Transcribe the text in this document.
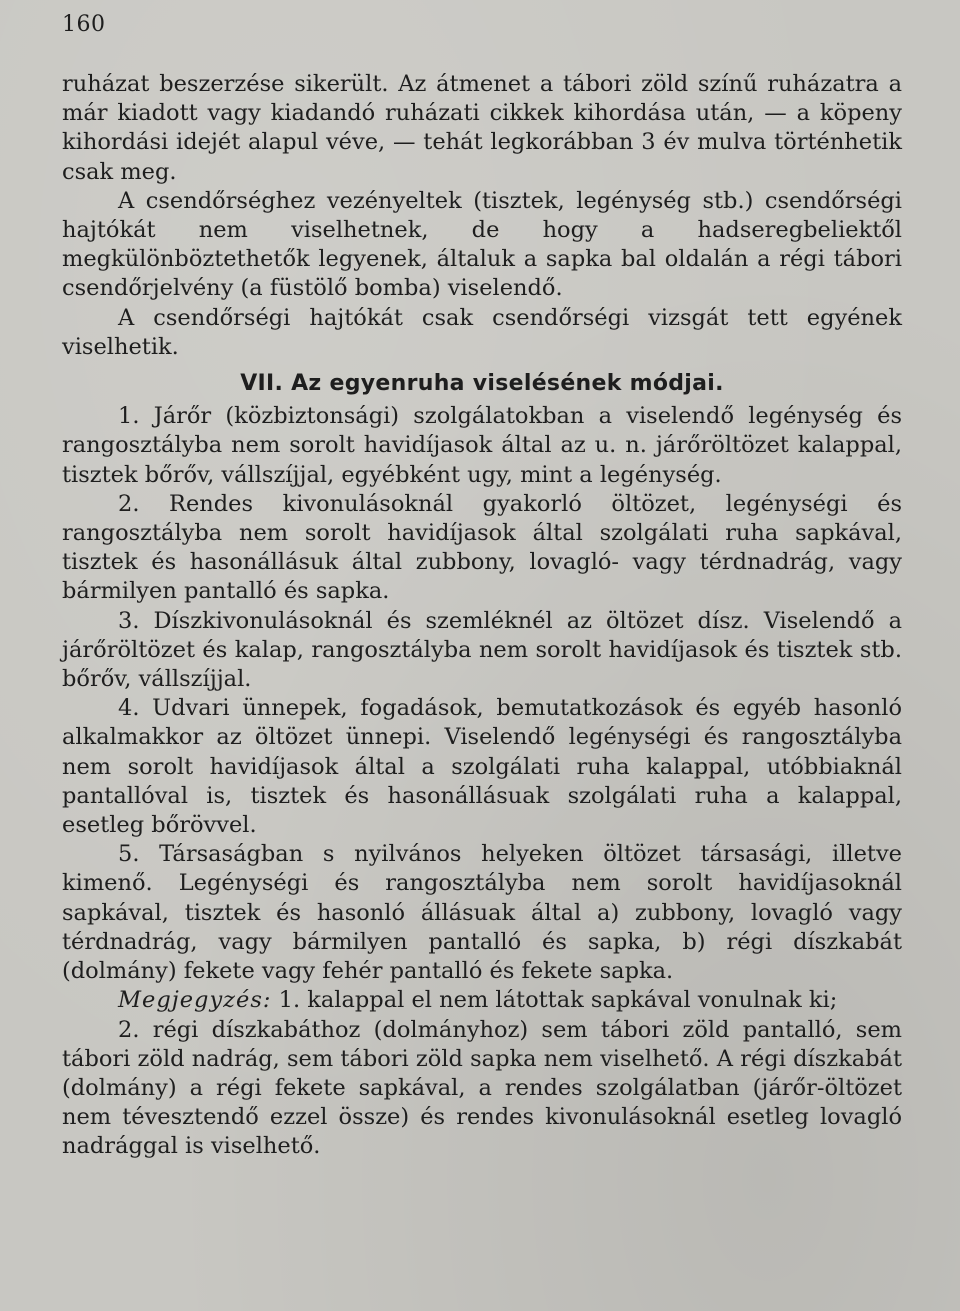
160

ruházat beszerzése sikerült. Az átmenet a tábori zöld színű ruházatra a már kiadott vagy kiadandó ruházati cikkek kihordása után, — a köpeny kihordási idejét alapul véve, — tehát legkorábban 3 év mulva történhetik csak meg.

A csendőrséghez vezényeltek (tisztek, legénység stb.) csendőrségi hajtókát nem viselhetnek, de hogy a hadseregbeliektől megkülönböztethetők legyenek, általuk a sapka bal oldalán a régi tábori csendőrjelvény (a füstölő bomba) viselendő.

A csendőrségi hajtókát csak csendőrségi vizsgát tett egyének viselhetik.

VII. Az egyenruha viselésének módjai.

1. Járőr (közbiztonsági) szolgálatokban a viselendő legénység és rangosztályba nem sorolt havidíjasok által az u. n. járőröltözet kalappal, tisztek bőrőv, vállszíjjal, egyébként ugy, mint a legénység.

2. Rendes kivonulásoknál gyakorló öltözet, legénységi és rangosztályba nem sorolt havidíjasok által szolgálati ruha sapkával, tisztek és hasonállásuk által zubbony, lovagló- vagy térdnadrág, vagy bármilyen pantalló és sapka.

3. Díszkivonulásoknál és szemléknél az öltözet dísz. Viselendő a járőröltözet és kalap, rangosztályba nem sorolt havidíjasok és tisztek stb. bőrőv, vállszíjjal.

4. Udvari ünnepek, fogadások, bemutatkozások és egyéb hasonló alkalmakkor az öltözet ünnepi. Viselendő legénységi és rangosztályba nem sorolt havidíjasok által a szolgálati ruha kalappal, utóbbiaknál pantallóval is, tisztek és hasonállásuak szolgálati ruha a kalappal, esetleg bőrövvel.

5. Társaságban s nyilvános helyeken öltözet társasági, illetve kimenő. Legénységi és rangosztályba nem sorolt havidíjasoknál sapkával, tisztek és hasonló állásuak által a) zubbony, lovagló vagy térdnadrág, vagy bármilyen pantalló és sapka, b) régi díszkabát (dolmány) fekete vagy fehér pantalló és fekete sapka.

Megjegyzés: 1. kalappal el nem látottak sapkával vonulnak ki;

2. régi díszkabáthoz (dolmányhoz) sem tábori zöld pantalló, sem tábori zöld nadrág, sem tábori zöld sapka nem viselhető. A régi díszkabát (dolmány) a régi fekete sapkával, a rendes szolgálatban (járőr-öltözet nem tévesztendő ezzel össze) és rendes kivonulásoknál esetleg lovagló nadrággal is viselhető.
